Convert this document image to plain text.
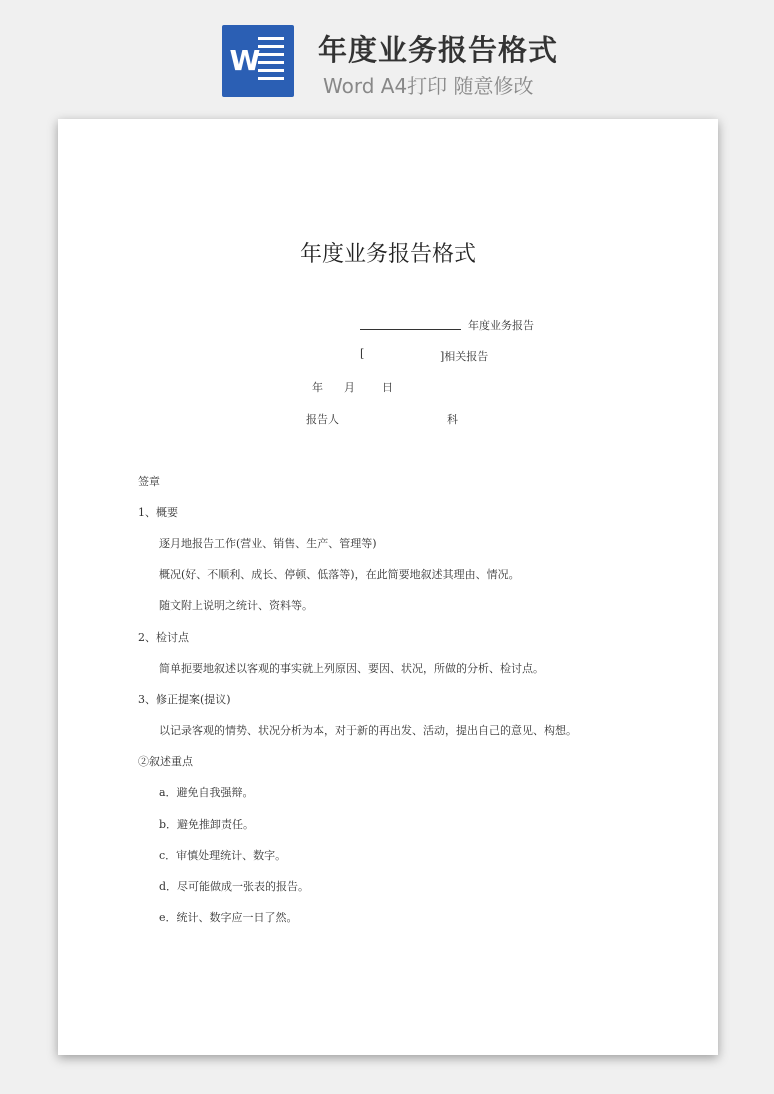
W 年度业务报告格式
Word A4打印 随意修改
年度业务报告格式
年度业务报告
[	]相关报告
年 月 日
报告人	科
签章
1、概要
逐月地报告工作(营业、销售、生产、管理等)
概况(好、不顺利、成长、停顿、低落等)，在此简要地叙述其理由、情况。
随文附上说明之统计、资料等。
2、检讨点
简单扼要地叙述以客观的事实就上列原因、要因、状况，所做的分析、检讨点。
3、修正提案(提议)
以记录客观的情势、状况分析为本，对于新的再出发、活动，提出自己的意见、构想。
②叙述重点
a．避免自我强辩。
b．避免推卸责任。
c．审慎处理统计、数字。
d．尽可能做成一张表的报告。
e．统计、数字应一日了然。
